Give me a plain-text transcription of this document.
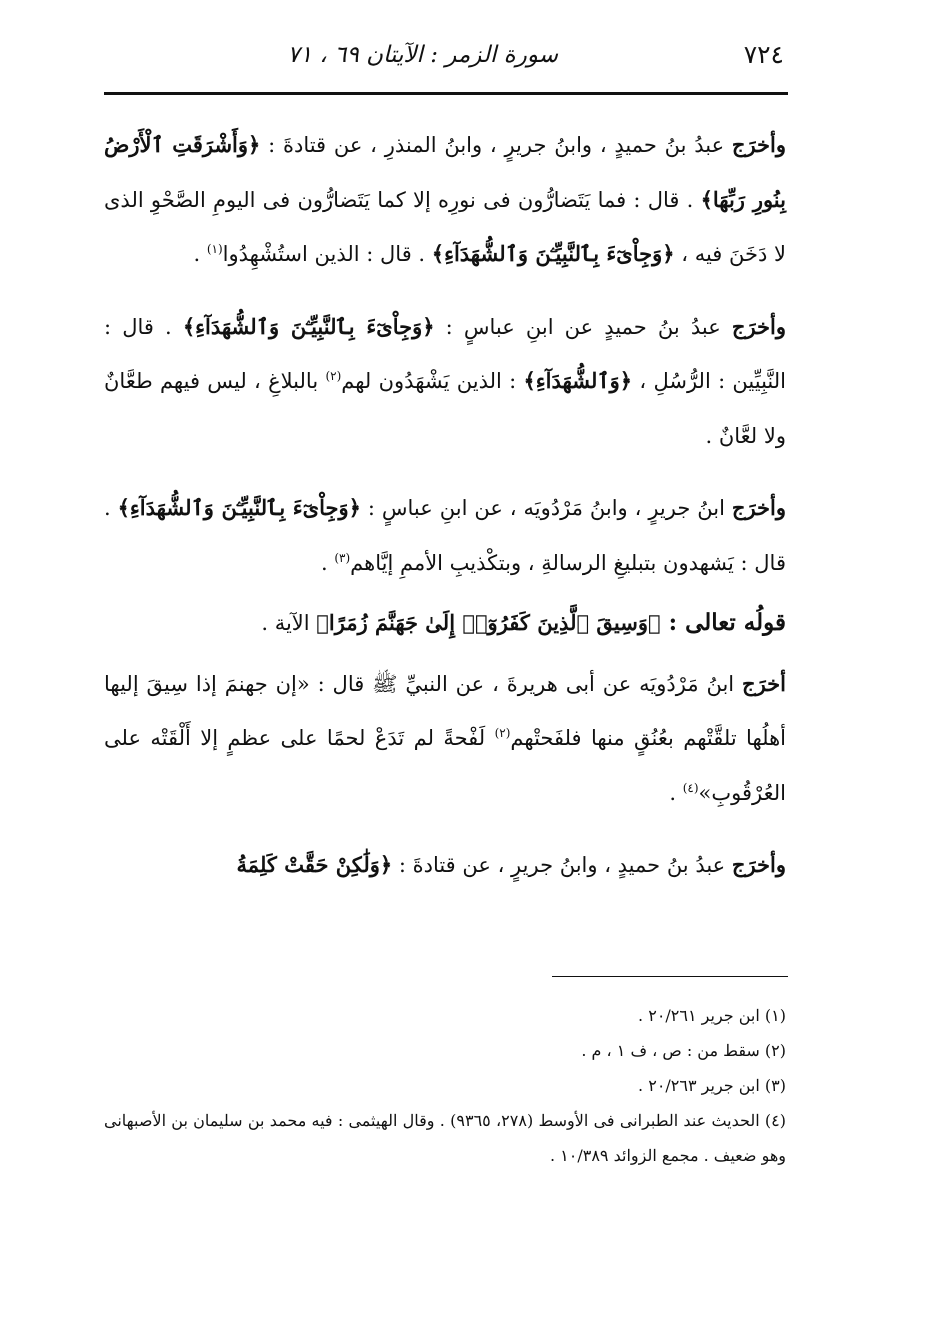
٧٢٤
سورة الزمر : الآيتان ٦٩ ، ٧١

وأخرَج عبدُ بنُ حميدٍ ، وابنُ جريرٍ ، وابنُ المنذرِ ، عن قتادةَ : ﴿وَأَشْرَقَتِ ٱلْأَرْضُ بِنُورِ رَبِّهَا﴾ . قال : فما يَتَضارُّون فى نورِه إلا كما يَتَضارُّون فى اليومِ الصَّحْوِ الذى لا دَخَنَ فيه ، ﴿وَجِاْىٓءَ بِٱلنَّبِيِّـۧنَ وَٱلشُّهَدَآءِ﴾ . قال : الذين استُشْهِدُوا$^{(١)}$ .

وأخرَج عبدُ بنُ حميدٍ عن ابنِ عباسٍ : ﴿وَجِاْىٓءَ بِٱلنَّبِيِّـۧنَ وَٱلشُّهَدَآءِ﴾ . قال : النَّبِيِّين : الرُّسُلِ ، ﴿وَٱلشُّهَدَآءِ﴾ : الذين يَشْهَدُون لهم$^{(٢)}$ بالبلاغِ ، ليس فيهم طعَّانٌ ولا لعَّانٌ .

وأخرَج ابنُ جريرٍ ، وابنُ مَرْدُويَه ، عن ابنِ عباسٍ : ﴿وَجِاْىٓءَ بِٱلنَّبِيِّـۧنَ وَٱلشُّهَدَآءِ﴾ . قال : يَشهدون بتبليغِ الرسالةِ ، وبتكْذيبِ الأممِ إيَّاهم$^{(٣)}$ .

قولُه تعالى : ﴿وَسِيقَ ٱلَّذِينَ كَفَرُوٓا۟ إِلَىٰ جَهَنَّمَ زُمَرًا﴾ الآية .

أخرَج ابنُ مَرْدُويَه عن أبى هريرةَ ، عن النبيِّ ﷺ قال : «إن جهنمَ إذا سِيقَ إليها أهلُها تلقَّتْهم بعُنُقٍ منها فلفَحتْهم$^{(٢)}$ لَفْحةً لم تَدَعْ لحمًا على عظمٍ إلا أَلْقَتْه على العُرْقُوبِ»$^{(٤)}$ .

وأخرَج عبدُ بنُ حميدٍ ، وابنُ جريرٍ ، عن قتادةَ : ﴿وَلَٰكِنْ حَقَّتْ كَلِمَةُ

(١) ابن جرير ٢٠/٢٦١ .

(٢) سقط من : ص ، ف ١ ، م .

(٣) ابن جرير ٢٠/٢٦٣ .

(٤) الحديث عند الطبرانى فى الأوسط (٢٧٨، ٩٣٦٥) . وقال الهيثمى : فيه محمد بن سليمان بن الأصبهانى وهو ضعيف . مجمع الزوائد ١٠/٣٨٩ .
